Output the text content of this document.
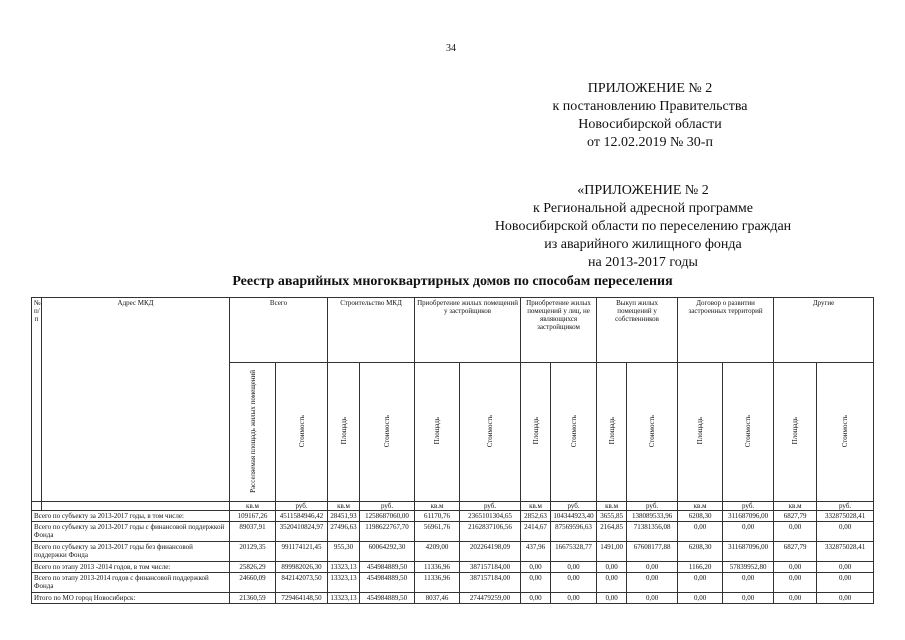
34
ПРИЛОЖЕНИЕ № 2
к постановлению Правительства
Новосибирской области
от 12.02.2019 № 30-п
«ПРИЛОЖЕНИЕ № 2
к Региональной адресной программе
Новосибирской области по переселению граждан
из аварийного жилищного фонда
на 2013-2017 годы
Реестр аварийных многоквартирных домов по способам переселения
№ п/п	Адрес МКД	Всего		Строительство МКД		Приобретение жилых помещений у застройщиков		Приобретение жилых помещений у лиц, не являющихся застройщиком		Выкуп жилых помещений у собственников		Договор о развитии застроенных территорий		Другие	
		Расселяемая площадь жилых помещений	Стоимость	Площадь	Стоимость	Площадь	Стоимость	Площадь	Стоимость	Площадь	Стоимость	Площадь	Стоимость	Площадь	Стоимость
		кв.м	руб.	кв.м	руб.	кв.м	руб.	кв.м	руб.	кв.м	руб.	кв.м	руб.	кв.м	руб.
Всего по субъекту за 2013-2017 годы, в том числе:		109167,26	4511584946,42	28451,93	1258687060,00	61170,76	2365101304,65	2852,63	104344923,40	3655,85	138089533,96	6208,30	311687096,00	6827,79	332875028,41
Всего по субъекту за 2013-2017 годы с финансовой поддержкой Фонда		89037,91	3520410824,97	27496,63	1198622767,70	56961,76	2162837106,56	2414,67	87569596,63	2164,85	71381356,08	0,00	0,00	0,00	0,00
Всего по субъекту за 2013-2017 годы без финансовой поддержки Фонда		20129,35	991174121,45	955,30	60064292,30	4209,00	202264198,09	437,96	16675328,77	1491,00	67608177,88	6208,30	311687096,00	6827,79	332875028,41
Всего по этапу 2013 -2014 годов, в том числе:		25826,29	899982026,30	13323,13	454984889,50	11336,96	387157184,00	0,00	0,00	0,00	0,00	1166,20	57839952,80	0,00	0,00
Всего по этапу 2013-2014 годов с финансовой поддержкой Фонда		24660,09	842142073,50	13323,13	454984889,50	11336,96	387157184,00	0,00	0,00	0,00	0,00	0,00	0,00	0,00	0,00
Итого по МО город Новосибирск:		21360,59	729464148,50	13323,13	454984889,50	8037,46	274479259,00	0,00	0,00	0,00	0,00	0,00	0,00	0,00	0,00
